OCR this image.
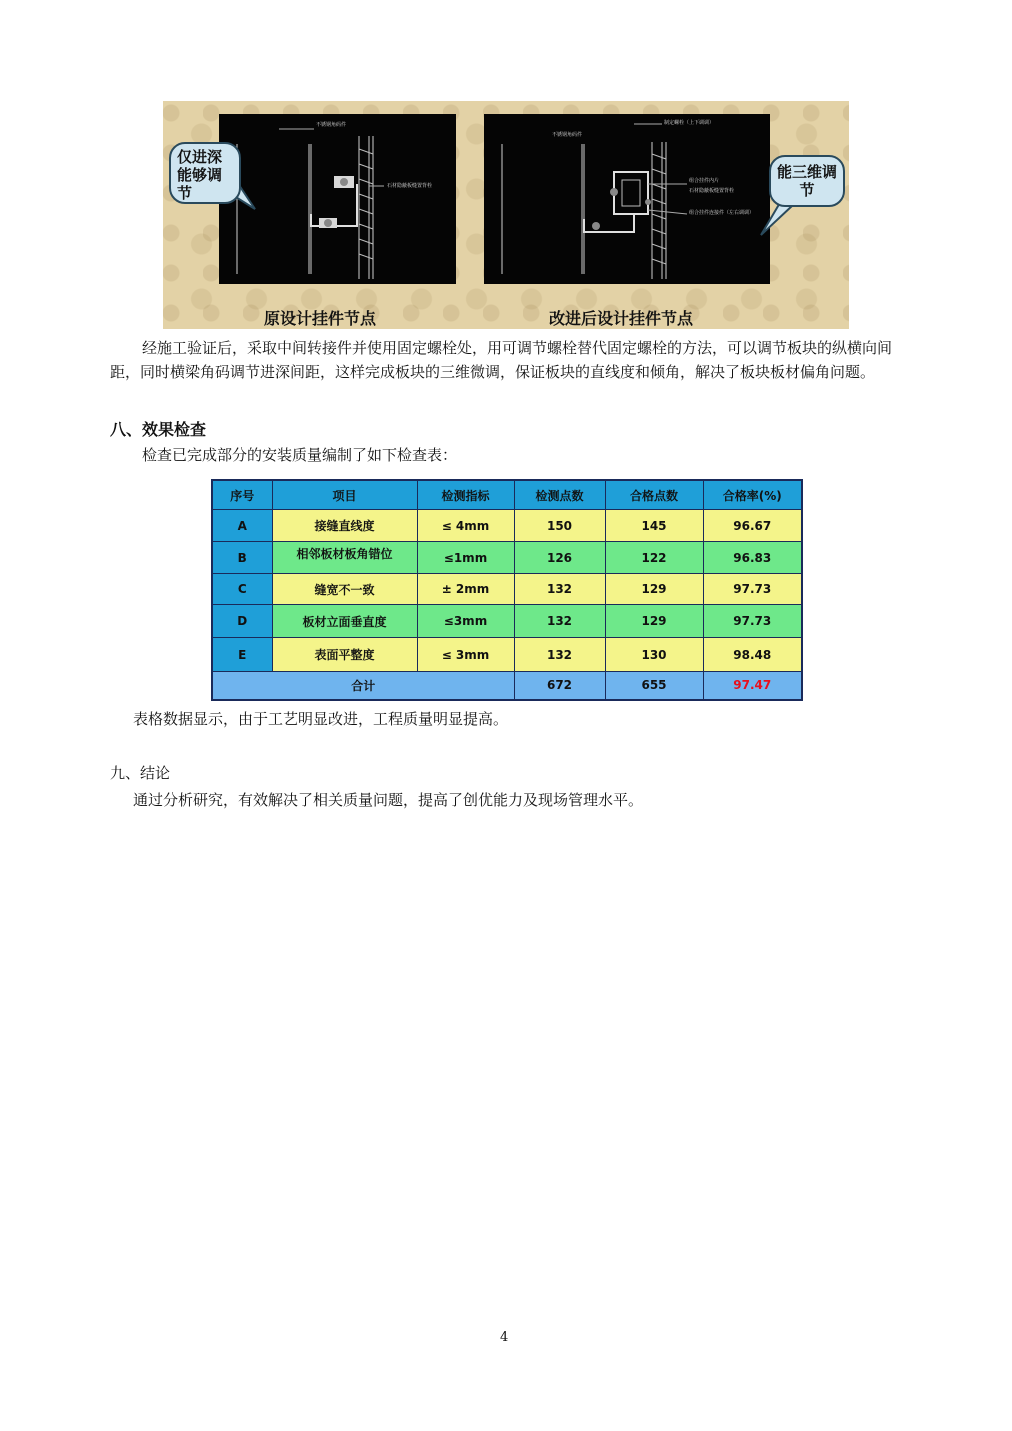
不锈钢角码件
石材隐蔽板缝置背栓
制定螺栓（上下调调）
不锈钢角码件
组合挂件内片
石材隐蔽板缝置背栓
组合挂件连接件（左右调调）
仅进深能够调节
能三维调节
原设计挂件节点	改进后设计挂件节点
经施工验证后，采取中间转接件并使用固定螺栓处，用可调节螺栓替代固定螺栓的方法，可以调节板块的纵横向间距，同时横梁角码调节进深间距，这样完成板块的三维微调，保证板块的直线度和倾角，解决了板块板材偏角问题。
八、效果检查
检查已完成部分的安装质量编制了如下检查表：
序号	项目	检测指标	检测点数	合格点数	合格率(%)
A	接缝直线度	≤ 4mm	150	145	96.67
B	相邻板材板角错位	≤1mm	126	122	96.83
C	缝宽不一致	± 2mm	132	129	97.73
D	板材立面垂直度	≤3mm	132	129	97.73
E	表面平整度	≤ 3mm	132	130	98.48
合计			672	655	97.47
表格数据显示，由于工艺明显改进，工程质量明显提高。
九、结论
通过分析研究，有效解决了相关质量问题，提高了创优能力及现场管理水平。
4
